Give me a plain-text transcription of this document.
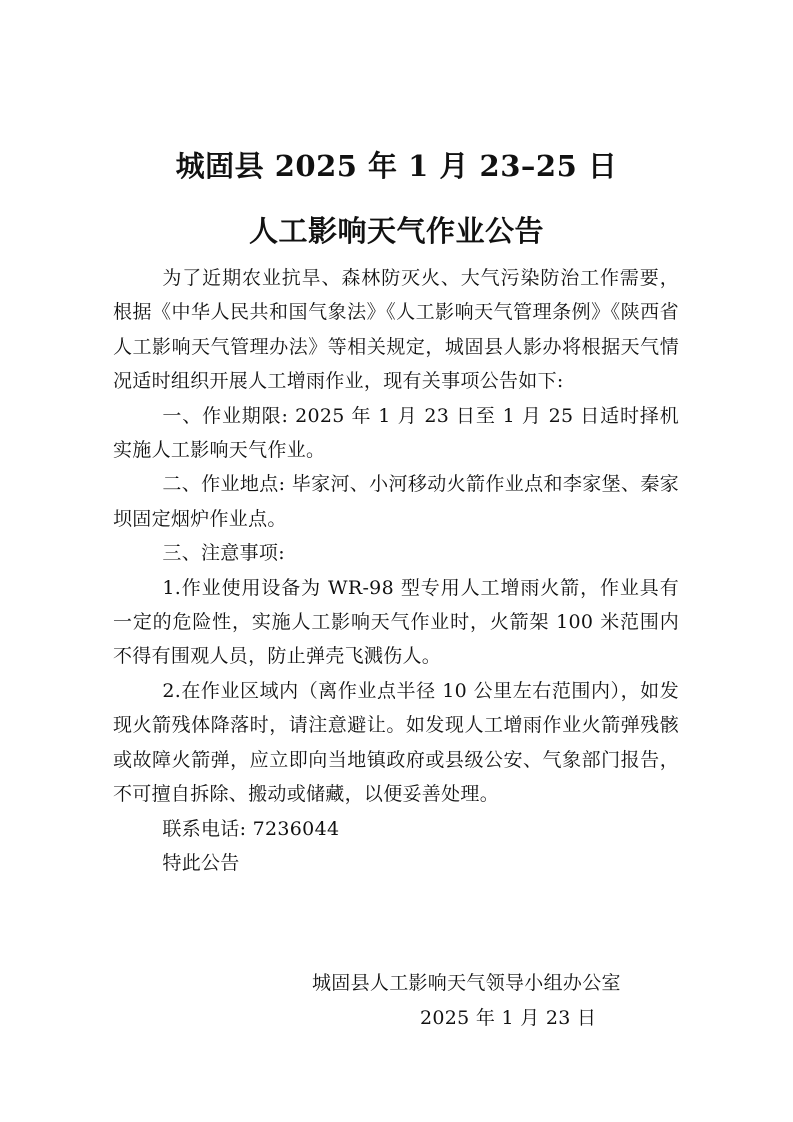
城固县 2025 年 1 月 23–25 日
人工影响天气作业公告

为了近期农业抗旱、森林防灭火、大气污染防治工作需要，根据《中华人民共和国气象法》《人工影响天气管理条例》《陕西省人工影响天气管理办法》等相关规定，城固县人影办将根据天气情况适时组织开展人工增雨作业，现有关事项公告如下:

一、作业期限: 2025 年 1 月 23 日至 1 月 25 日适时择机实施人工影响天气作业。

二、作业地点: 毕家河、小河移动火箭作业点和李家堡、秦家坝固定烟炉作业点。

三、注意事项:

1.作业使用设备为 WR-98 型专用人工增雨火箭，作业具有一定的危险性，实施人工影响天气作业时，火箭架 100 米范围内不得有围观人员，防止弹壳飞溅伤人。

2.在作业区域内（离作业点半径 10 公里左右范围内），如发现火箭残体降落时，请注意避让。如发现人工增雨作业火箭弹残骸或故障火箭弹，应立即向当地镇政府或县级公安、气象部门报告，不可擅自拆除、搬动或储藏，以便妥善处理。

联系电话: 7236044

特此公告

城固县人工影响天气领导小组办公室

2025 年 1 月 23 日
